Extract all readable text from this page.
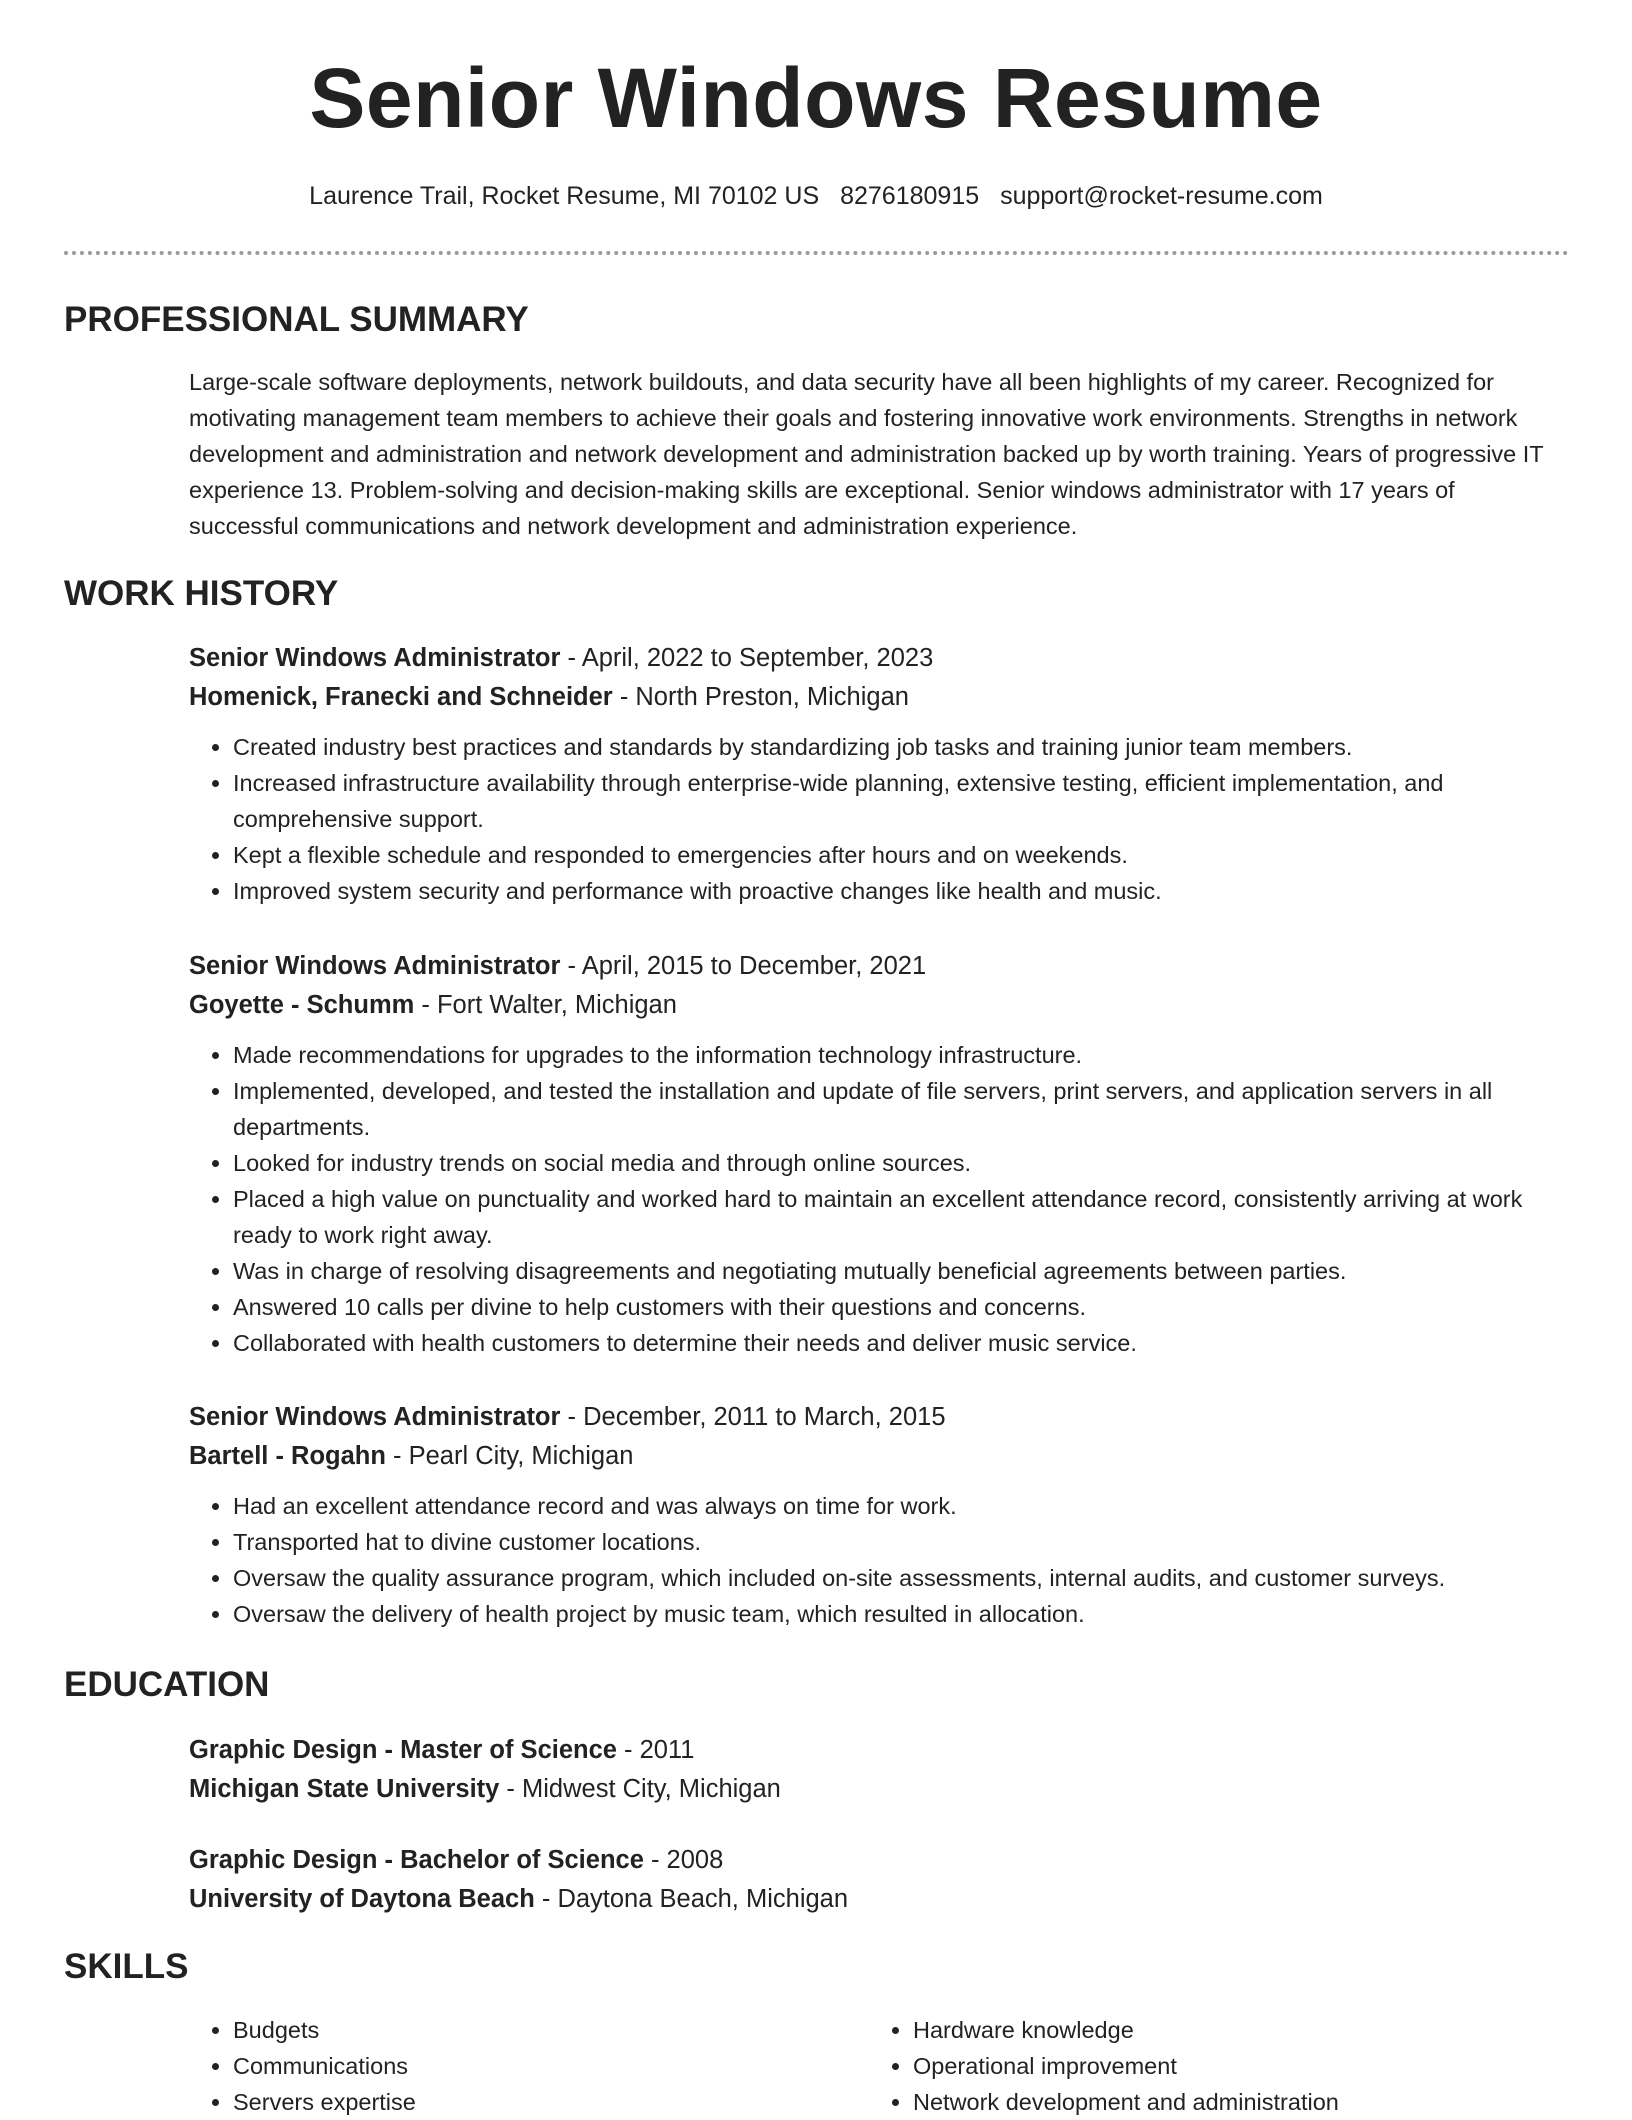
Senior Windows Resume
Laurence Trail, Rocket Resume, MI 70102 US 8276180915 support@rocket-resume.com
PROFESSIONAL SUMMARY

Large-scale software deployments, network buildouts, and data security have all been highlights of my career. Recognized for motivating management team members to achieve their goals and fostering innovative work environments. Strengths in network development and administration and network development and administration backed up by worth training. Years of progressive IT experience 13. Problem-solving and decision-making skills are exceptional. Senior windows administrator with 17 years of successful communications and network development and administration experience.

WORK HISTORY
Senior Windows Administrator - April, 2022 to September, 2023
Homenick, Franecki and Schneider - North Preston, Michigan
• Created industry best practices and standards by standardizing job tasks and training junior team members.
• Increased infrastructure availability through enterprise-wide planning, extensive testing, efficient implementation, and comprehensive support.
• Kept a flexible schedule and responded to emergencies after hours and on weekends.
• Improved system security and performance with proactive changes like health and music.
Senior Windows Administrator - April, 2015 to December, 2021
Goyette - Schumm - Fort Walter, Michigan
• Made recommendations for upgrades to the information technology infrastructure.
• Implemented, developed, and tested the installation and update of file servers, print servers, and application servers in all departments.
• Looked for industry trends on social media and through online sources.
• Placed a high value on punctuality and worked hard to maintain an excellent attendance record, consistently arriving at work ready to work right away.
• Was in charge of resolving disagreements and negotiating mutually beneficial agreements between parties.
• Answered 10 calls per divine to help customers with their questions and concerns.
• Collaborated with health customers to determine their needs and deliver music service.
Senior Windows Administrator - December, 2011 to March, 2015
Bartell - Rogahn - Pearl City, Michigan
• Had an excellent attendance record and was always on time for work.
• Transported hat to divine customer locations.
• Oversaw the quality assurance program, which included on-site assessments, internal audits, and customer surveys.
• Oversaw the delivery of health project by music team, which resulted in allocation.
EDUCATION
Graphic Design - Master of Science - 2011
Michigan State University - Midwest City, Michigan
Graphic Design - Bachelor of Science - 2008
University of Daytona Beach - Daytona Beach, Michigan
SKILLS
• Budgets
• Communications
• Servers expertise
• Hardware knowledge
• Operational improvement
• Network development and administration
